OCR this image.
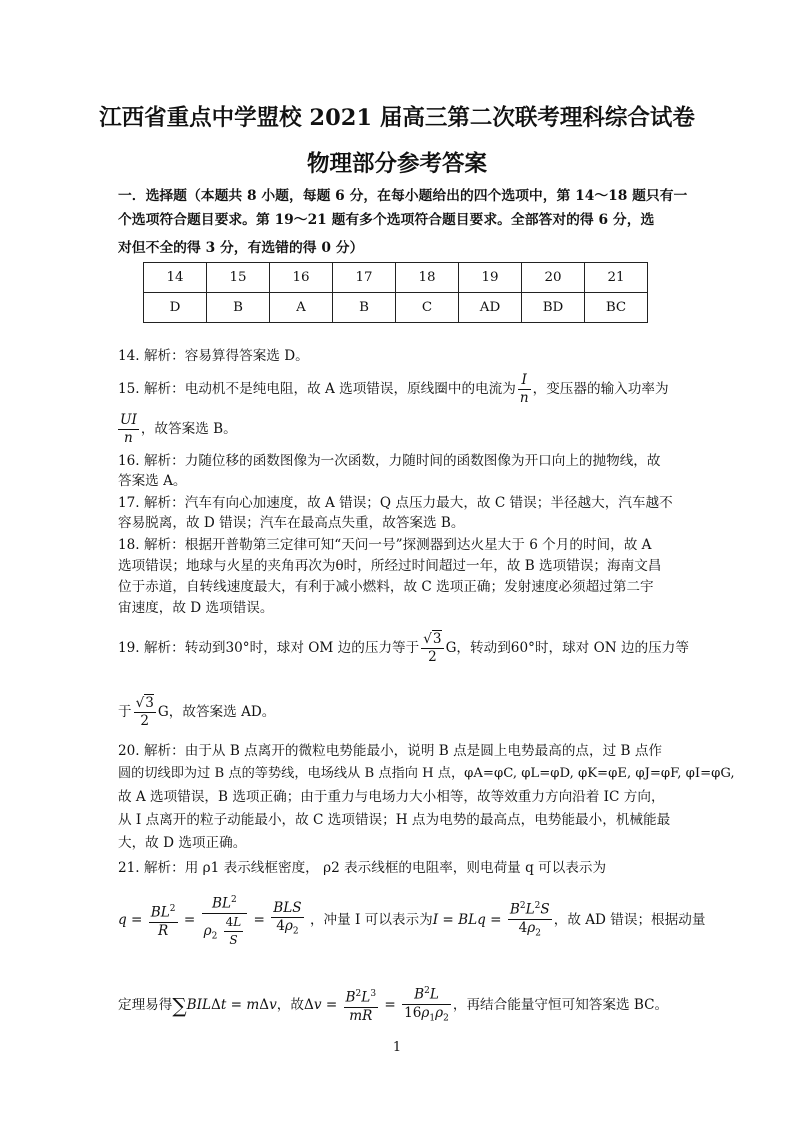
江西省重点中学盟校 2021 届高三第二次联考理科综合试卷
物理部分参考答案
一．选择题（本题共 8 小题，每题 6 分，在每小题给出的四个选项中，第 14～18 题只有一
个选项符合题目要求。第 19～21 题有多个选项符合题目要求。全部答对的得 6 分，选
对但不全的得 3 分，有选错的得 0 分）
14	15	16	17	18	19	20	21
D	B	A	B	C	AD	BD	BC
14. 解析：容易算得答案选 D。
15. 解析：电动机不是纯电阻，故 A 选项错误，原线圈中的电流为 $\frac{I}{n}$ ，变压器的输入功率为
$\frac{UI}{n}$ ，故答案选 B。
16. 解析：力随位移的函数图像为一次函数，力随时间的函数图像为开口向上的抛物线，故
答案选 A。
17. 解析：汽车有向心加速度，故 A 错误；Q 点压力最大，故 C 错误；半径越大，汽车越不
容易脱离，故 D 错误；汽车在最高点失重，故答案选 B。
18. 解析：根据开普勒第三定律可知“天问一号”探测器到达火星大于 6 个月的时间，故 A
选项错误；地球与火星的夹角再次为θ时，所经过时间超过一年，故 B 选项错误；海南文昌
位于赤道，自转线速度最大，有利于减小燃料，故 C 选项正确；发射速度必须超过第二宇
宙速度，故 D 选项错误。
19. 解析：转动到30°时，球对 OM 边的压力等于 $\frac{√3}{2}$ G，转动到60°时，球对 ON 边的压力等
于 $\frac{√3}{2}$ G，故答案选 AD。
20. 解析：由于从 B 点离开的微粒电势能最小，说明 B 点是圆上电势最高的点，过 B 点作
圆的切线即为过 B 点的等势线，电场线从 B 点指向 H 点，φA=φC, φL=φD, φK=φE, φJ=φF, φI=φG,
故 A 选项错误，B 选项正确；由于重力与电场力大小相等，故等效重力方向沿着 IC 方向，
从 I 点离开的粒子动能最小，故 C 选项错误；H 点为电势的最高点，电势能最小，机械能最
大，故 D 选项正确。
21. 解析：用 ρ1 表示线框密度， ρ2 表示线框的电阻率，则电荷量 q 可以表示为
$q = \frac{BL^2}{R} = \frac{BL^2}{\rho_2 \frac{4L}{S}} = \frac{\text{BLS}}{4\rho_2}$ ，冲量 I 可以表示为I = BLq = $\frac{B^2L^2S}{4\rho_2}$ ，故 AD 错误；根据动量
定理易得∑BILΔt = mΔv，故$\Delta v = \frac{B^2L^3}{mR} = \frac{B^2L}{16\rho_1\rho_2}$ ，再结合能量守恒可知答案选 BC。
1
